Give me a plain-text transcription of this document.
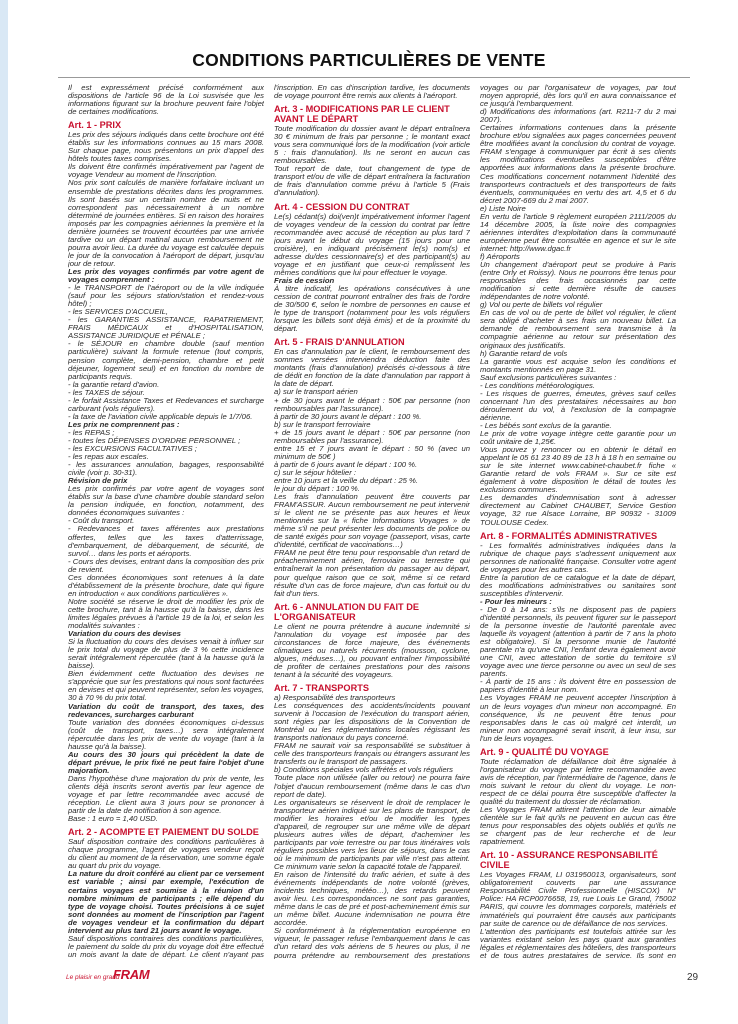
CONDITIONS PARTICULIÈRES DE VENTE

Il est expressément précisé conformément aux dispositions de l'article 96 de la Loi susvisée que les informations figurant sur la brochure peuvent faire l'objet de certaines modifications.

Art. 1 - PRIX

Les prix des séjours indiqués dans cette brochure ont été établis sur les informations connues au 15 mars 2008. Sur chaque page, nous présentons un prix d'appel des hôtels toutes taxes comprises.

Ils doivent être confirmés impérativement par l'agent de voyage Vendeur au moment de l'inscription.

Nos prix sont calculés de manière forfaitaire incluant un ensemble de prestations décrites dans les programmes. Ils sont basés sur un certain nombre de nuits et ne correspondent pas nécessairement à un nombre déterminé de journées entières. Si en raison des horaires imposés par les compagnies aériennes la première et la dernière journées se trouvent écourtées par une arrivée tardive ou un départ matinal aucun remboursement ne pourra avoir lieu. La durée du voyage est calculée depuis le jour de la convocation à l'aéroport de départ, jusqu'au jour de retour.

Les prix des voyages confirmés par votre agent de voyages comprennent :

- le TRANSPORT de l'aéroport ou de la ville indiquée (sauf pour les séjours station/station et rendez-vous hôtel) ;

- les SERVICES D'ACCUEIL,

- les GARANTIES ASSISTANCE, RAPATRIEMENT, FRAIS MÉDICAUX et d'HOSPITALISATION, ASSISTANCE JURIDIQUE et PÉNALE ;

- le SÉJOUR en chambre double (sauf mention particulière) suivant la formule retenue (tout compris, pension complète, demi-pension, chambre et petit déjeuner, logement seul) et en fonction du nombre de participants requis.

- la garantie retard d'avion.

- les TAXES de séjour.

- le forfait Assistance Taxes et Redevances et surcharge carburant (vols réguliers).

- la taxe de l'aviation civile applicable depuis le 1/7/06.

Les prix ne comprennent pas :

- les REPAS ;

- toutes les DÉPENSES D'ORDRE PERSONNEL ;

- les EXCURSIONS FACULTATIVES ;

- les repas aux escales.

- les assurances annulation, bagages, responsabilité civile (voir p. 30-31).

Révision de prix

Les prix confirmés par votre agent de voyages sont établis sur la base d'une chambre double standard selon la pension indiquée, en fonction, notamment, des données économiques suivantes :

- Coût du transport.

- Redevances et taxes afférentes aux prestations offertes, telles que les taxes d'atterrissage, d'embarquement, de débarquement, de sécurité, de survol… dans les ports et aéroports.

- Cours des devises, entrant dans la composition des prix de revient.

Ces données économiques sont retenues à la date d'établissement de la présente brochure, date qui figure en introduction « aux conditions particulières ».

Notre société se réserve le droit de modifier les prix de cette brochure, tant à la hausse qu'à la baisse, dans les limites légales prévues à l'article 19 de la loi, et selon les modalités suivantes :

Variation du cours des devises

Si la fluctuation du cours des devises venait à influer sur le prix total du voyage de plus de 3 % cette incidence serait intégralement répercutée (tant à la hausse qu'à la baisse).

Bien évidemment cette fluctuation des devises ne s'apprécie que sur les prestations qui nous sont facturées en devises et qui peuvent représenter, selon les voyages, 30 à 70 % du prix total.

Variation du coût de transport, des taxes, des redevances, surcharges carburant

Toute variation des données économiques ci-dessus (coût de transport, taxes…) sera intégralement répercutée dans les prix de vente du voyage (tant à la hausse qu'à la baisse).

Au cours des 30 jours qui précèdent la date de départ prévue, le prix fixé ne peut faire l'objet d'une majoration.

Dans l'hypothèse d'une majoration du prix de vente, les clients déjà inscrits seront avertis par leur agence de voyage et par lettre recommandée avec accusé de réception. Le client aura 3 jours pour se prononcer à partir de la date de notification à son agence.

Base : 1 euro = 1,40 USD.

Art. 2 - ACOMPTE ET PAIEMENT DU SOLDE

Sauf disposition contraire des conditions particulières à chaque programme, l'agent de voyages vendeur reçoit du client au moment de la réservation, une somme égale au quart du prix du voyage.

La nature du droit conféré au client par ce versement est variable ; ainsi par exemple, l'exécution de certains voyages est soumise à la réunion d'un nombre minimum de participants ; elle dépend du type de voyage choisi. Toutes précisions à ce sujet sont données au moment de l'inscription par l'agent de voyages vendeur et la confirmation du départ intervient au plus tard 21 jours avant le voyage.

Sauf dispositions contraires des conditions particulières, le paiement du solde du prix du voyage doit être effectué un mois avant la date de départ. Le client n'ayant pas

l'inscription. En cas d'inscription tardive, les documents de voyage pourront être remis aux clients à l'aéroport.

Art. 3 - MODIFICATIONS PAR LE CLIENT AVANT LE DÉPART

Toute modification du dossier avant le départ entraînera 30 € minimum de frais par personne ; le montant exact vous sera communiqué lors de la modification (voir article 5 : frais d'annulation). Ils ne seront en aucun cas remboursables.

Tout report de date, tout changement de type de transport et/ou de ville de départ entraînera la facturation de frais d'annulation comme prévu à l'article 5 (Frais d'annulation).

Art. 4 - CESSION DU CONTRAT

Le(s) cédant(s) doi(ven)t impérativement informer l'agent de voyages vendeur de la cession du contrat par lettre recommandée avec accusé de réception au plus tard 7 jours avant le début du voyage (15 jours pour une croisière), en indiquant précisément le(s) nom(s) et adresse du/des cessionnaire(s) et des participant(s) au voyage et en justifiant que ceux-ci remplissent les mêmes conditions que lui pour effectuer le voyage.

Frais de cession

À titre indicatif, les opérations consécutives à une cession de contrat pourront entraîner des frais de l'ordre de 30/500 €, selon le nombre de personnes en cause et le type de transport (notamment pour les vols réguliers lorsque les billets sont déjà émis) et de la proximité du départ.

Art. 5 - FRAIS D'ANNULATION

En cas d'annulation par le client, le remboursement des sommes versées interviendra déduction faite des montants (frais d'annulation) précisés ci-dessous à titre de dédit en fonction de la date d'annulation par rapport à la date de départ.

a) sur le transport aérien

+ de 30 jours avant le départ : 50€ par personne (non remboursables par l'assurance).

à partir de 30 jours avant le départ : 100 %.

b) sur le transport ferroviaire

+ de 15 jours avant le départ : 50€ par personne (non remboursables par l'assurance).

entre 15 et 7 jours avant le départ : 50 % (avec un minimum de 50€ )

à partir de 6 jours avant le départ : 100 %.

c) sur le séjour hôtelier :

entre 10 jours et la veille du départ : 25 %.

le jour du départ : 100 %.

Les frais d'annulation peuvent être couverts par FRAM'ASSUR. Aucun remboursement ne peut intervenir si le client ne se présente pas aux heures et lieux mentionnés sur la « fiche Informations Voyages » de même s'il ne peut présenter les documents de police ou de santé exigés pour son voyage (passeport, visas, carte d'identité, certificat de vaccinations…)

FRAM ne peut être tenu pour responsable d'un retard de préacheminement aérien, ferroviaire ou terrestre qui entraînerait la non présentation du passager au départ, pour quelque raison que ce soit, même si ce retard résulte d'un cas de force majeure, d'un cas fortuit ou du fait d'un tiers.

Art. 6 - ANNULATION DU FAIT DE L'ORGANISATEUR

Le client ne pourra prétendre à aucune indemnité si l'annulation du voyage est imposée par des circonstances de force majeure, des événements climatiques ou naturels récurrents (mousson, cyclone, algues, méduses…), ou pouvant entraîner l'impossibilité de profiter de certaines prestations pour des raisons tenant à la sécurité des voyageurs.

Art. 7 - TRANSPORTS

a) Responsabilité des transporteurs

Les conséquences des accidents/incidents pouvant survenir à l'occasion de l'exécution du transport aérien, sont régies par les dispositions de la Convention de Montréal ou les réglementations locales régissant les transports nationaux du pays concerné.

FRAM ne saurait voir sa responsabilité se substituer à celle des transporteurs français ou étrangers assurant les transferts ou le transport de passagers.

b) Conditions spéciales vols affrétés et vols réguliers

Toute place non utilisée (aller ou retour) ne pourra faire l'objet d'aucun remboursement (même dans le cas d'un report de date).

Les organisateurs se réservent le droit de remplacer le transporteur aérien indiqué sur les plans de transport, de modifier les horaires et/ou de modifier les types d'appareil, de regrouper sur une même ville de départ plusieurs autres villes de départ, d'acheminer les participants par voie terrestre ou par tous itinéraires vols réguliers possibles vers les lieux de séjours, dans le cas où le minimum de participants par ville n'est pas atteint. Ce minimum varie selon la capacité totale de l'appareil.

En raison de l'intensité du trafic aérien, et suite à des événements indépendants de notre volonté (grèves, incidents techniques, météo…), des retards peuvent avoir lieu. Les correspondances ne sont pas garanties, même dans le cas de pré et post-acheminement émis sur un même billet. Aucune indemnisation ne pourra être accordée.

Si conformément à la réglementation européenne en vigueur, le passager refuse l'embarquement dans le cas d'un retard des vols aériens de 5 heures ou plus, il ne pourra prétendre au remboursement des prestations

voyages ou par l'organisateur de voyages, par tout moyen approprié, dès lors qu'il en aura connaissance et ce jusqu'à l'embarquement.

d) Modifications des informations (art. R211-7 du 2 mai 2007).

Certaines informations contenues dans la présente brochure et/ou signalées aux pages concernées peuvent être modifiées avant la conclusion du contrat de voyage. FRAM s'engage à communiquer par écrit à ses clients les modifications éventuelles susceptibles d'être apportées aux informations dans la présente brochure. Ces modifications concernent notamment l'identité des transporteurs contractuels et des transporteurs de faits éventuels, communiquées en vertu des art. 4,5 et 6 du décret 2007-669 du 2 mai 2007.

e) Liste Noire

En vertu de l'article 9 règlement européen 2111/2005 du 14 décembre 2005, la liste noire des compagnies aériennes interdites d'exploitation dans la communauté européenne peut être consultée en agence et sur le site internet: http://www.dgac.fr

f) Aéroports

Un changement d'aéroport peut se produire à Paris (entre Orly et Roissy). Nous ne pourrons être tenus pour responsables des frais occasionnés par cette modification si cette dernière résulte de causes indépendantes de notre volonté.

g) Vol ou perte de billets vol régulier

En cas de vol ou de perte de billet vol régulier, le client sera obligé d'acheter à ses frais un nouveau billet. La demande de remboursement sera transmise à la compagnie aérienne au retour sur présentation des originaux des justificatifs.

h) Garantie retard de vols

La garantie vous est acquise selon les conditions et montants mentionnés en page 31.

Sauf exclusions particulières suivantes :

- Les conditions météorologiques.

- Les risques de guerres, émeutes, grèves sauf celles concernant l'un des prestataires nécessaires au bon déroulement du vol, à l'exclusion de la compagnie aérienne.

- Les bébés sont exclus de la garantie.

Le prix de votre voyage intègre cette garantie pour un coût unitaire de 1,25€.

Vous pouvez y renoncer ou en obtenir le détail en appelant le 05 61 23 40 89 de 13 h à 18 h en semaine ou sur le site internet www.cabinet-chaubet.fr fiche « Garantie retard de vols FRAM ». Sur ce site est également à votre disposition le détail de toutes les exclusions communes.

Les demandes d'indemnisation sont à adresser directement au Cabinet CHAUBET, Service Gestion voyage, 32 rue Alsace Lorraine, BP 90932 - 31009 TOULOUSE Cedex.

Art. 8 - FORMALITÉS ADMINISTRATIVES

- Les formalités administratives indiquées dans la rubrique de chaque pays s'adressent uniquement aux personnes de nationalité française. Consulter votre agent de voyages pour les autres cas.

Entre la parution de ce catalogue et la date de départ, des modifications administratives ou sanitaires sont susceptibles d'intervenir.

- Pour les mineurs :

- De 0 à 14 ans: s'ils ne disposent pas de papiers d'identité personnels, ils peuvent figurer sur le passeport de la personne investie de l'autorité parentale avec laquelle ils voyagent (attention à partir de 7 ans la photo est obligatoire). Si la personne munie de l'autorité parentale n'a qu'une CNI, l'enfant devra également avoir une CNI, avec attestation de sortie du territoire s'il voyage avec une tierce personne ou avec un seul de ses parents.

- À partir de 15 ans : ils doivent être en possession de papiers d'identité à leur nom.

Les Voyages FRAM ne peuvent accepter l'inscription à un de leurs voyages d'un mineur non accompagné. En conséquence, ils ne peuvent être tenus pour responsables dans le cas où malgré cet interdit, un mineur non accompagné serait inscrit, à leur insu, sur l'un de leurs voyages.

Art. 9 - QUALITÉ DU VOYAGE

Toute réclamation de défaillance doit être signalée à l'organisateur du voyage par lettre recommandée avec avis de réception, par l'intermédiaire de l'agence, dans le mois suivant le retour du client du voyage. Le non-respect de ce délai pourra être susceptible d'affecter la qualité du traitement du dossier de réclamation.

Les Voyages FRAM attirent l'attention de leur aimable clientèle sur le fait qu'ils ne peuvent en aucun cas être tenus pour responsables des objets oubliés et qu'ils ne se chargent pas de leur recherche et de leur rapatriement.

Art. 10 - ASSURANCE RESPONSABILITÉ CIVILE

Les Voyages FRAM, LI 031950013, organisateurs, sont obligatoirement couverts par une assurance Responsabilité Civile Professionnelle (HISCOX) N° Police: HA RCP0076658, 19, rue Louis Le Grand, 75002 PARIS, qui couvre les dommages corporels, matériels et immatériels qui pourraient être causés aux participants par suite de carence ou de défaillance de nos services.

L'attention des participants est toutefois attirée sur les variantes existant selon les pays quant aux garanties légales et réglementaires des hôteliers, des transporteurs et de tous autres prestataires de service. Ils sont en

Le plaisir en grand
FRAM	29
